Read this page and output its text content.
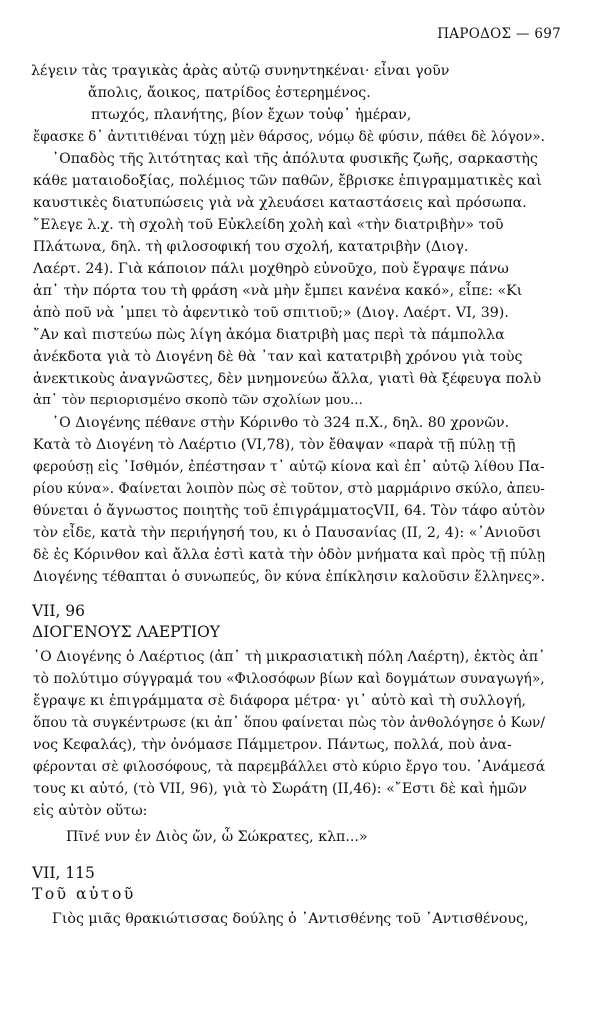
ΠΑΡΟΔΟΣ — 697
λέγειν τὰς τραγικὰς ἀρὰς αὐτῷ συνηντηκέναι· εἶναι γοῦν
ἄπολις, ἄοικος, πατρίδος ἐστερημένος.
πτωχός, πλανήτης, βίον ἔχων τοὐφ᾽ ἡμέραν,
ἔφασκε δ᾽ ἀντιτιθέναι τύχῃ μὲν θάρσος, νόμῳ δὲ φύσιν, πάθει δὲ λόγον».
᾽Οπαδὸς τῆς λιτότητας καὶ τῆς ἀπόλυτα φυσικῆς ζωῆς, σαρκαστὴς
κάθε ματαιοδοξίας, πολέμιος τῶν παθῶν, ἔβρισκε ἐπιγραμματικὲς καὶ
καυστικὲς διατυπώσεις γιὰ νὰ χλευάσει καταστάσεις καὶ πρόσωπα.
῎Ελεγε λ.χ. τὴ σχολὴ τοῦ Εὐκλείδη χολὴ καὶ «τὴν διατριβὴν» τοῦ
Πλάτωνα, δηλ. τὴ φιλοσοφική του σχολή, κατατριβὴν (Διογ.
Λαέρτ. 24). Γιὰ κάποιον πάλι μοχθηρὸ εὐνοῦχο, ποὺ ἔγραψε πάνω
ἀπ᾽ τὴν πόρτα του τὴ φράση «νὰ μὴν ἔμπει κανένα κακό», εἶπε: «Κι
ἀπὸ ποῦ νὰ ᾽μπει τὸ ἀφεντικὸ τοῦ σπιτιοῦ;» (Διογ. Λαέρτ. VI, 39).
῎Αν καὶ πιστεύω πὼς λίγη ἀκόμα διατριβὴ μας περὶ τὰ πάμπολλα
ἀνέκδοτα γιὰ τὸ Διογένη δὲ θὰ ᾽ταν καὶ κατατριβὴ χρόνου γιὰ τοὺς
ἀνεκτικοὺς ἀναγνῶστες, δὲν μνημονεύω ἄλλα, γιατὶ θὰ ξέφευγα πολὺ
ἀπ᾽ τὸν περιορισμένο σκοπὸ τῶν σχολίων μου...
῾Ο Διογένης πέθανε στὴν Κόρινθο τὸ 324 π.Χ., δηλ. 80 χρονῶν.
Κατὰ τὸ Διογένη τὸ Λαέρτιο (VI,78), τὸν ἔθαψαν «παρὰ τῇ πύλῃ τῇ
φερούσῃ εἰς ᾽Ισθμόν, ἐπέστησαν τ᾽ αὐτῷ κίονα καὶ ἐπ᾽ αὐτῷ λίθου Πα-
ρίου κύνα». Φαίνεται λοιπὸν πὼς σὲ τοῦτον, στὸ μαρμάρινο σκύλο, ἀπευ-
θύνεται ὁ ἄγνωστος ποιητὴς τοῦ ἐπιγράμματοςVII, 64. Τὸν τάφο αὐτὸν
τὸν εἶδε, κατὰ τὴν περιήγησή του, κι ὁ Παυσανίας (ΙΙ, 2, 4): «᾽Ανιοῦσι
δὲ ἐς Κόρινθον καὶ ἄλλα ἐστὶ κατὰ τὴν ὁδὸν μνήματα καὶ πρὸς τῇ πύλῃ
Διογένης τέθαπται ὁ συνωπεύς, ὃν κύνα ἐπίκλησιν καλοῦσιν ἕλληνες».
VII, 96
ΔΙΟΓΕΝΟΥΣ ΛΑΕΡΤΙΟΥ
῾Ο Διογένης ὁ Λαέρτιος (ἀπ᾽ τὴ μικρασιατικὴ πόλη Λαέρτη), ἐκτὸς ἀπ᾽
τὸ πολύτιμο σύγγραμά του «Φιλοσόφων βίων καὶ δογμάτων συναγωγή»,
ἔγραψε κι ἐπιγράμματα σὲ διάφορα μέτρα· γι᾽ αὐτὸ καὶ τὴ συλλογή,
ὅπου τὰ συγκέντρωσε (κι ἀπ᾽ ὅπου φαίνεται πὼς τὸν ἀνθολόγησε ὁ Κων/
νος Κεφαλάς), τὴν ὀνόμασε Πάμμετρον. Πάντως, πολλά, ποὺ ἀνα-
φέρονται σὲ φιλοσόφους, τὰ παρεμβάλλει στὸ κύριο ἔργο του. ᾽Ανάμεσά
τους κι αὐτό, (τὸ VII, 96), γιὰ τὸ Σωράτη (ΙΙ,46): «῎Εστι δὲ καὶ ἡμῶν
εἰς αὐτὸν οὕτω:
Πῖνέ νυν ἐν Διὸς ὤν, ὦ Σώκρατες, κλπ...»
VII, 115
Τοῦ αὐτοῦ
Γιὸς μιᾶς θρακιώτισσας δούλης ὁ ᾽Αντισθένης τοῦ ᾽Αντισθένους,
